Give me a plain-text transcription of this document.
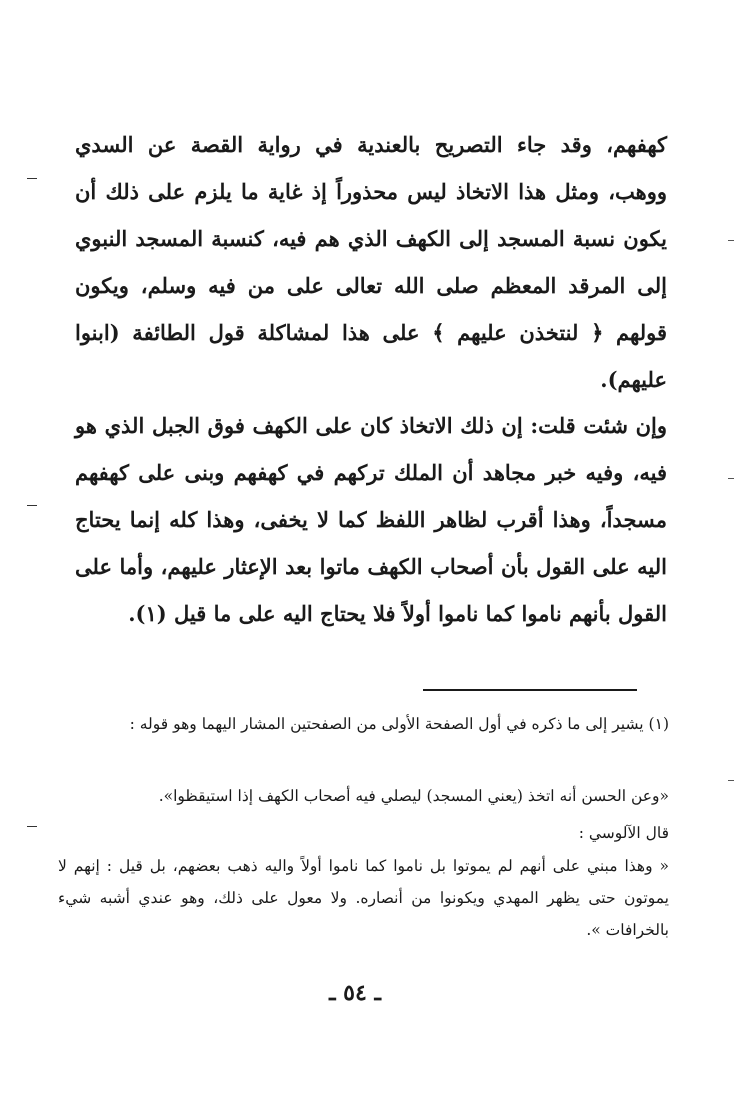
كهفهم، وقد جاء التصريح بالعندية في رواية القصة عن السدي ووهب، ومثل هذا الاتخاذ ليس محذوراً إذ غاية ما يلزم على ذلك أن يكون نسبة المسجد إلى الكهف الذي هم فيه، كنسبة المسجد النبوي إلى المرقد المعظم صلى الله تعالى على من فيه وسلم، ويكون قولهم ﴿ لنتخذن عليهم ﴾ على هذا لمشاكلة قول الطائفة (ابنوا عليهم).
وإن شئت قلت: إن ذلك الاتخاذ كان على الكهف فوق الجبل الذي هو فيه، وفيه خبر مجاهد أن الملك تركهم في كهفهم وبنى على كهفهم مسجداً، وهذا أقرب لظاهر اللفظ كما لا يخفى، وهذا كله إنما يحتاج اليه على القول بأن أصحاب الكهف ماتوا بعد الإعثار عليهم، وأما على القول بأنهم ناموا كما ناموا أولاً فلا يحتاج اليه على ما قيل (١).
(١) يشير إلى ما ذكره في أول الصفحة الأولى من الصفحتين المشار اليهما وهو قوله :
«وعن الحسن أنه اتخذ (يعني المسجد) ليصلي فيه أصحاب الكهف إذا استيقظوا».
قال الآلوسي :
« وهذا مبني على أنهم لم يموتوا بل ناموا كما ناموا أولاً واليه ذهب بعضهم، بل قيل : إنهم لا يموتون حتى يظهر المهدي ويكونوا من أنصاره. ولا معول على ذلك، وهو عندي أشبه شيء بالخرافات ».
ـ ٥٤ ـ
